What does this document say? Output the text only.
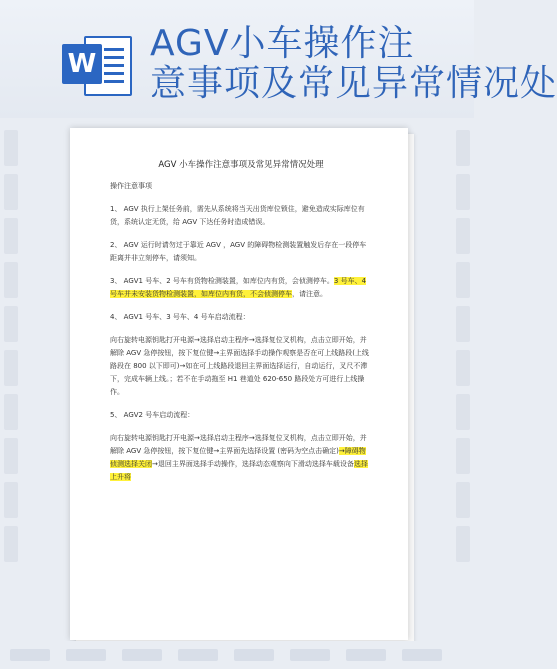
W AGV小车操作注
意事项及常见异常情况处
AGV 小车操作注意事项及常见异常情况处理

操作注意事项

1、 AGV 执行上架任务前，需先从系统将当天出货库位锁住，避免造成实际库位有货，系统认定无货，给 AGV 下达任务时造成错误。

2、 AGV 运行时请勿过于靠近 AGV ，AGV 的障碍物检测装置触发后存在一段停车距离并非立刻停车，请须知。

3、 AGV1 号车、2 号车有货物检测装置，如库位内有货，会侦测停车。3 号车、4 号车并未安装货物检测装置，如库位内有货，不会侦测停车，请注意。

4、 AGV1 号车、3 号车、4 号车启动流程：

向右旋转电源钥匙打开电源→选择启动主程序→选择复位叉机构，点击立即开始，并解除 AGV 急停按钮，按下复位键→主界面选择手动操作观察是否在可上线路段(上线路段在 800 以下即可)→如在可上线路段退回主界面选择运行，自动运行，叉尺不滞下，完成车辆上线。；若不在手动拖至 H1 巷道处 620-650 路段处方可进行上线操作。

5、 AGV2 号车启动流程：

向右旋转电源钥匙打开电源→选择启动主程序→选择复位叉机构，点击立即开始，并解除 AGV 急停按钮，按下复位键→主界面先选择设置 (密码为空点击确定)→障碍物侦测选择关闭→退回主界面选择手动操作，选择动态观察向下滑动选择车载设备选择上升将
